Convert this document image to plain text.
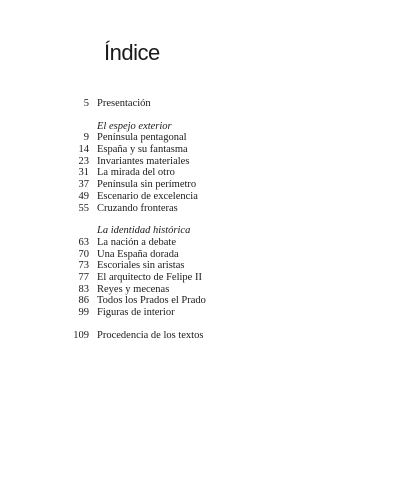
Índice
5 Presentación
El espejo exterior
9 Península pentagonal
14 España y su fantasma
23 Invariantes materiales
31 La mirada del otro
37 Península sin perímetro
49 Escenario de excelencia
55 Cruzando fronteras
La identidad histórica
63 La nación a debate
70 Una España dorada
73 Escoriales sin aristas
77 El arquitecto de Felipe II
83 Reyes y mecenas
86 Todos los Prados el Prado
99 Figuras de interior
109 Procedencia de los textos
